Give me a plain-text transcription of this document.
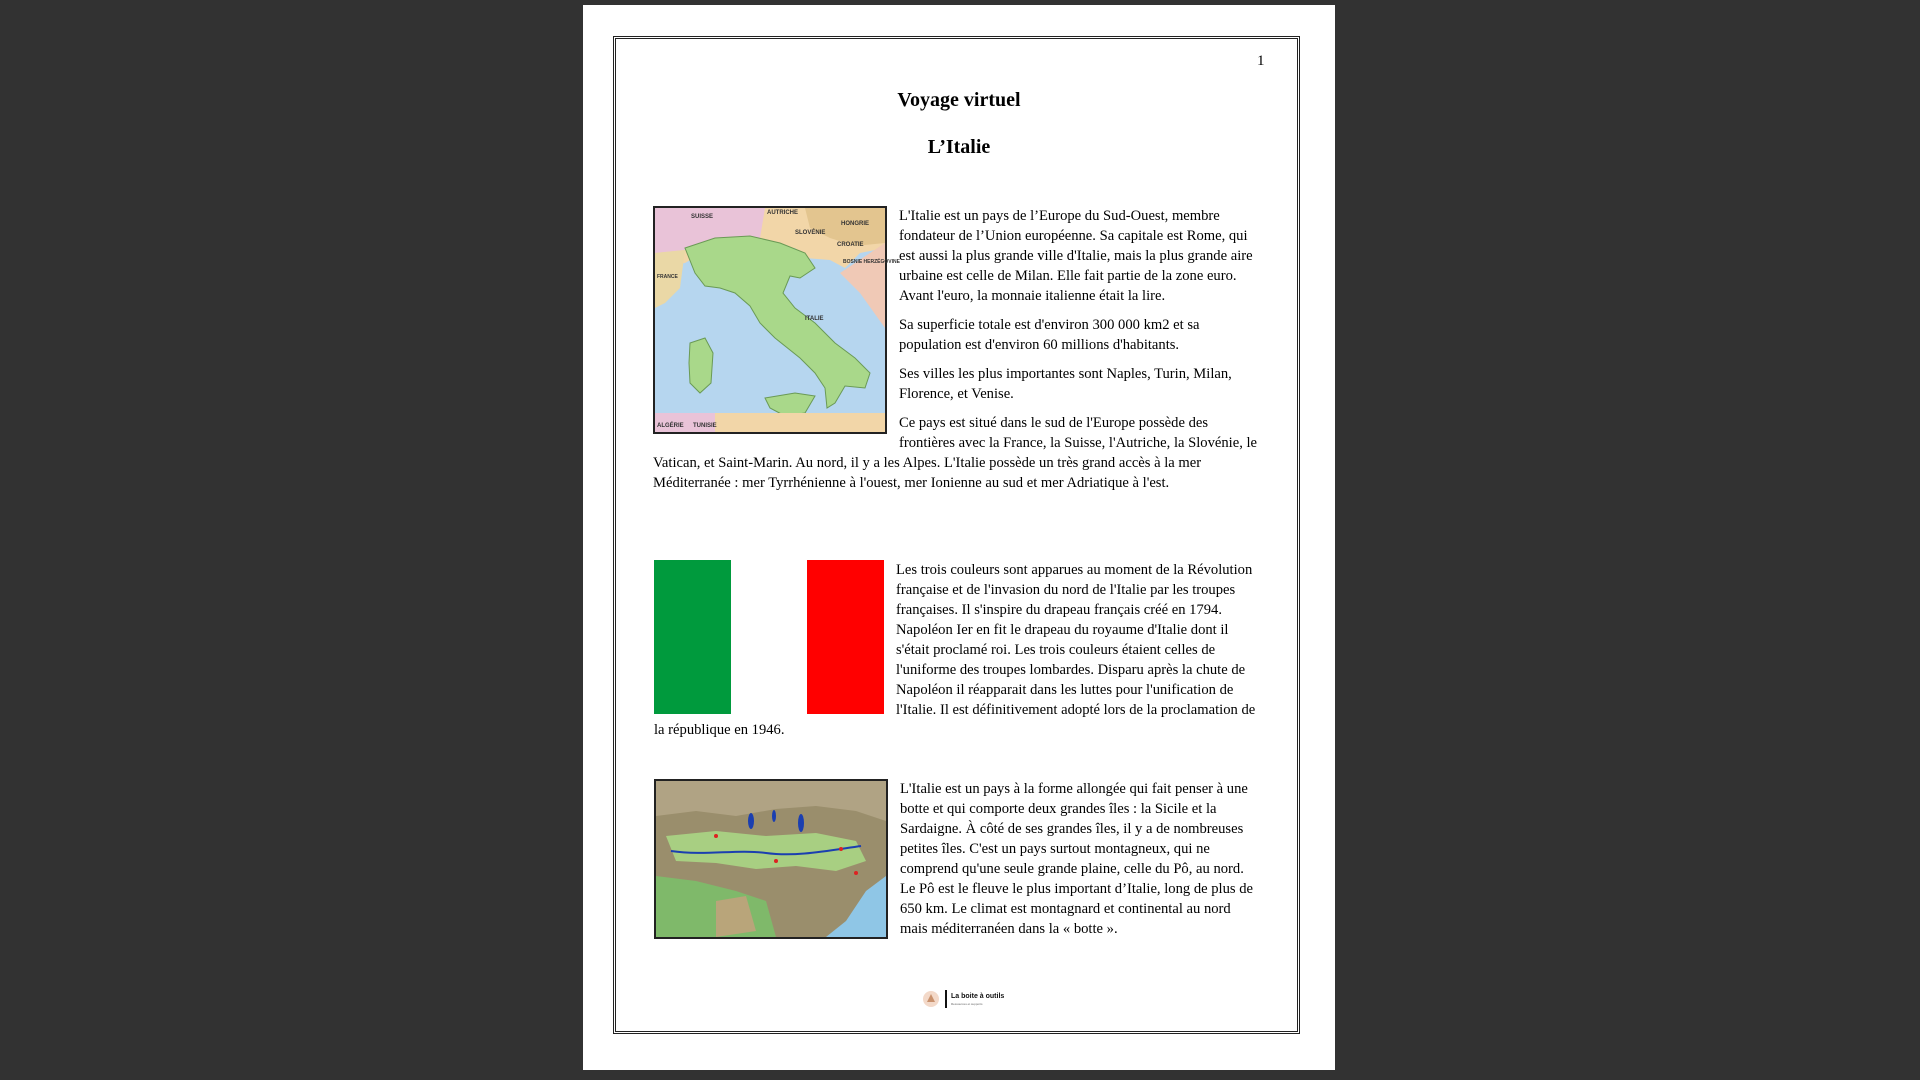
1
Voyage virtuel
L’Italie
SUISSE
AUTRICHE
HONGRIE
SLOVÉNIE
CROATIE
BOSNIE HERZÉGOVINE
FRANCE
ITALIE
ALGÉRIE TUNISIE

L'Italie est un pays de l’Europe du Sud-Ouest, membre fondateur de l’Union européenne. Sa capitale est Rome, qui est aussi la plus grande ville d'Italie, mais la plus grande aire urbaine est celle de Milan. Elle fait partie de la zone euro. Avant l'euro, la monnaie italienne était la lire.

Sa superficie totale est d'environ 300 000 km2 et sa population est d'environ 60 millions d'habitants.

Ses villes les plus importantes sont Naples, Turin, Milan, Florence, et Venise.

Ce pays est situé dans le sud de l'Europe possède des frontières avec la France, la Suisse, l'Autriche, la Slovénie, le Vatican, et Saint-Marin. Au nord, il y a les Alpes. L'Italie possède un très grand accès à la mer Méditerranée : mer Tyrrhénienne à l'ouest, mer Ionienne au sud et mer Adriatique à l'est.

Les trois couleurs sont apparues au moment de la Révolution française et de l'invasion du nord de l'Italie par les troupes françaises. Il s'inspire du drapeau français créé en 1794. Napoléon Ier en fit le drapeau du royaume d'Italie dont il s'était proclamé roi. Les trois couleurs étaient celles de l'uniforme des troupes lombardes. Disparu après la chute de Napoléon il réapparait dans les luttes pour l'unification de l'Italie. Il est définitivement adopté lors de la proclamation de la république en 1946.

L'Italie est un pays à la forme allongée qui fait penser à une botte et qui comporte deux grandes îles : la Sicile et la Sardaigne. À côté de ses grandes îles, il y a de nombreuses petites îles. C'est un pays surtout montagneux, qui ne comprend qu'une seule grande plaine, celle du Pô, au nord. Le Pô est le fleuve le plus important d’Italie, long de plus de 650 km. Le climat est montagnard et continental au nord mais méditerranéen dans la « botte ».

La boite à outils
Ressources et supports
